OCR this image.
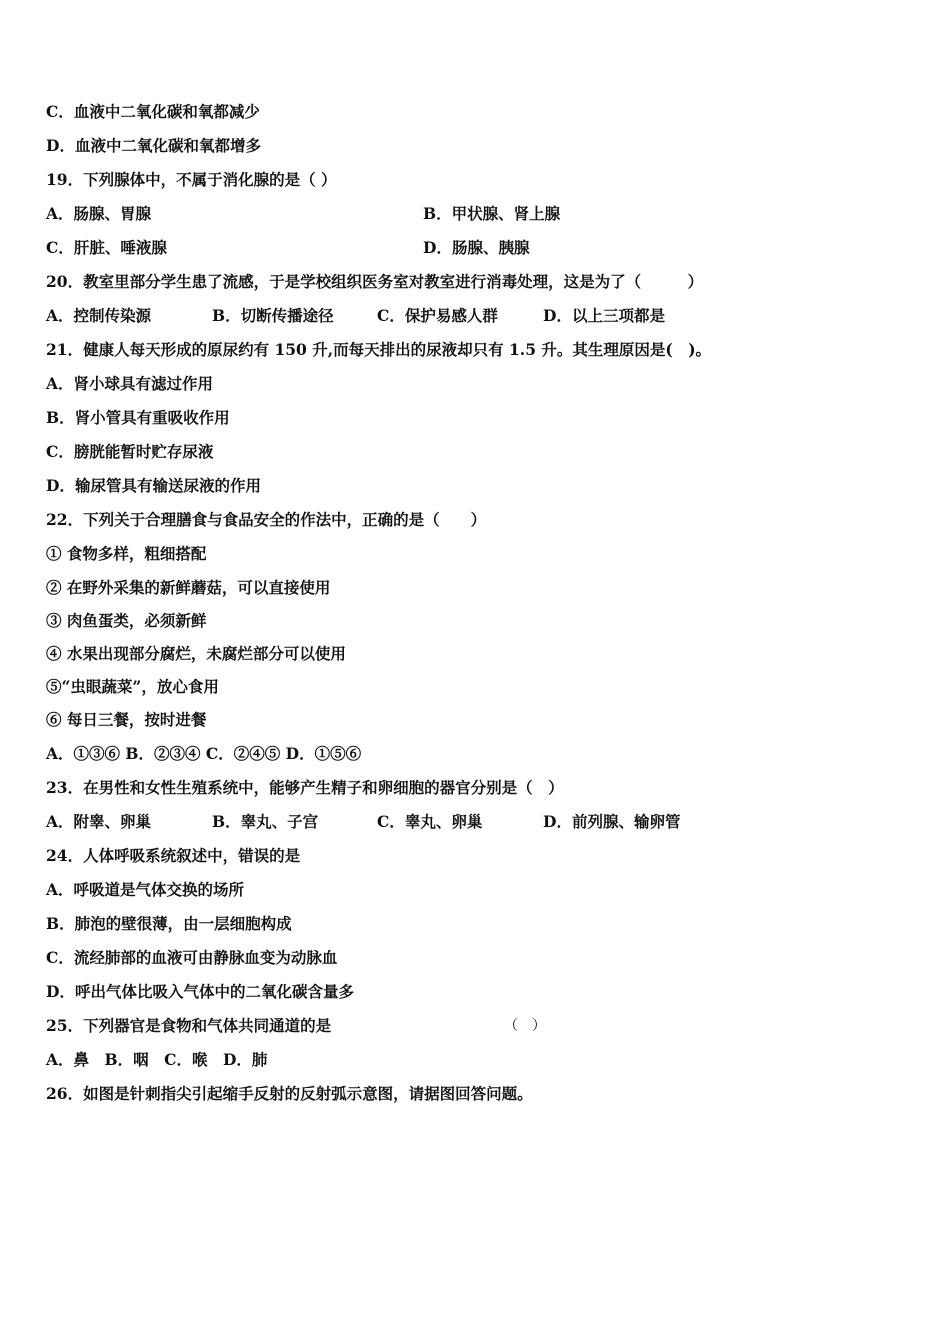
C．血液中二氧化碳和氧都减少
D．血液中二氧化碳和氧都增多
19．下列腺体中，不属于消化腺的是（ ）
A．肠腺、胃腺	B．甲状腺、肾上腺
C．肝脏、唾液腺	D．肠腺、胰腺
20．教室里部分学生患了流感，于是学校组织医务室对教室进行消毒处理，这是为了（　　　）
A．控制传染源	B．切断传播途径	C．保护易感人群	D．以上三项都是
21．健康人每天形成的原尿约有 150 升,而每天排出的尿液却只有 1.5 升。其生理原因是(　)。
A．肾小球具有滤过作用
B．肾小管具有重吸收作用
C．膀胱能暂时贮存尿液
D．输尿管具有输送尿液的作用
22．下列关于合理膳食与食品安全的作法中，正确的是（　　）
① 食物多样，粗细搭配
② 在野外采集的新鲜蘑菇，可以直接使用
③ 肉鱼蛋类，必须新鲜
④ 水果出现部分腐烂，未腐烂部分可以使用
⑤“虫眼蔬菜”，放心食用
⑥ 每日三餐，按时进餐
A．①③⑥ B．②③④ C．②④⑤ D．①⑤⑥
23．在男性和女性生殖系统中，能够产生精子和卵细胞的器官分别是（　）
A．附睾、卵巢	B．睾丸、子宫	C．睾丸、卵巢	D．前列腺、输卵管
24．人体呼吸系统叙述中，错误的是
A．呼吸道是气体交换的场所
B．肺泡的壁很薄，由一层细胞构成
C．流经肺部的血液可由静脉血变为动脉血
D．呼出气体比吸入气体中的二氧化碳含量多
25．下列器官是食物和气体共同通道的是	（　）
A．鼻　B．咽　C．喉　D．肺
26．如图是针刺指尖引起缩手反射的反射弧示意图，请据图回答问题。
